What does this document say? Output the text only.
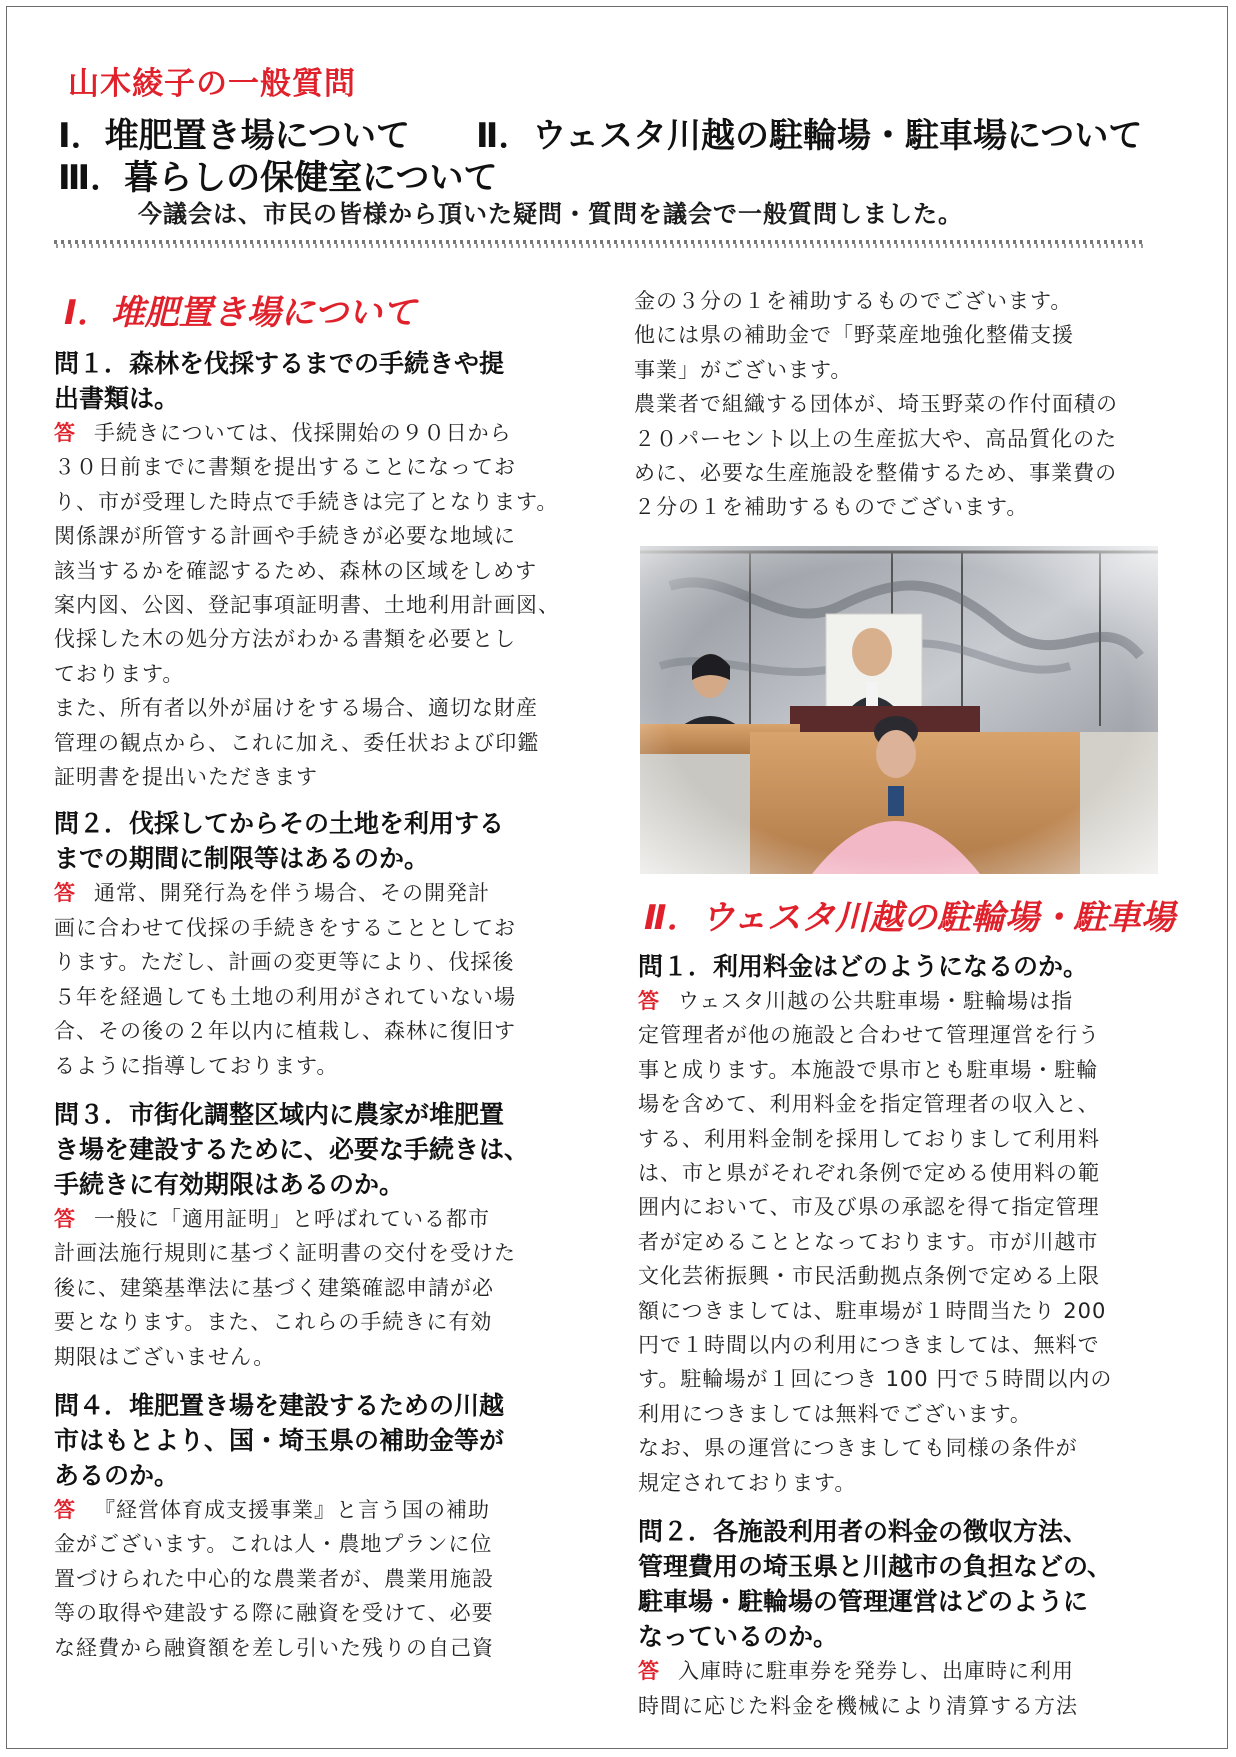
山木綾子の一般質問
Ⅰ．堆肥置き場について Ⅱ．ウェスタ川越の駐輪場・駐車場について
Ⅲ．暮らしの保健室について
今議会は、市民の皆様から頂いた疑問・質問を議会で一般質問しました。
Ⅰ．堆肥置き場について
問１．森林を伐採するまでの手続きや提
出書類は。
答 手続きについては、伐採開始の９０日から
３０日前までに書類を提出することになってお
り、市が受理した時点で手続きは完了となります。
関係課が所管する計画や手続きが必要な地域に
該当するかを確認するため、森林の区域をしめす
案内図、公図、登記事項証明書、土地利用計画図、
伐採した木の処分方法がわかる書類を必要とし
ております。
また、所有者以外が届けをする場合、適切な財産
管理の観点から、これに加え、委任状および印鑑
証明書を提出いただきます
問２．伐採してからその土地を利用する
までの期間に制限等はあるのか。
答 通常、開発行為を伴う場合、その開発計
画に合わせて伐採の手続きをすることとしてお
ります。ただし、計画の変更等により、伐採後
５年を経過しても土地の利用がされていない場
合、その後の２年以内に植栽し、森林に復旧す
るように指導しております。
問３．市街化調整区域内に農家が堆肥置
き場を建設するために、必要な手続きは、
手続きに有効期限はあるのか。
答 一般に「適用証明」と呼ばれている都市
計画法施行規則に基づく証明書の交付を受けた
後に、建築基準法に基づく建築確認申請が必
要となります。また、これらの手続きに有効
期限はございません。
問４．堆肥置き場を建設するための川越
市はもとより、国・埼玉県の補助金等が
あるのか。
答 『経営体育成支援事業』と言う国の補助
金がございます。これは人・農地プランに位
置づけられた中心的な農業者が、農業用施設
等の取得や建設する際に融資を受けて、必要
な経費から融資額を差し引いた残りの自己資
金の３分の１を補助するものでございます。
他には県の補助金で「野菜産地強化整備支援
事業」がございます。
農業者で組織する団体が、埼玉野菜の作付面積の
２０パーセント以上の生産拡大や、高品質化のた
めに、必要な生産施設を整備するため、事業費の
２分の１を補助するものでございます。
Ⅱ．ウェスタ川越の駐輪場・駐車場
問１．利用料金はどのようになるのか。
答 ウェスタ川越の公共駐車場・駐輪場は指
定管理者が他の施設と合わせて管理運営を行う
事と成ります。本施設で県市とも駐車場・駐輪
場を含めて、利用料金を指定管理者の収入と、
する、利用料金制を採用しておりまして利用料
は、市と県がそれぞれ条例で定める使用料の範
囲内において、市及び県の承認を得て指定管理
者が定めることとなっております。市が川越市
文化芸術振興・市民活動拠点条例で定める上限
額につきましては、駐車場が１時間当たり 200
円で１時間以内の利用につきましては、無料で
す。駐輪場が１回につき 100 円で５時間以内の
利用につきましては無料でございます。
なお、県の運営につきましても同様の条件が
規定されております。
問２．各施設利用者の料金の徴収方法、
管理費用の埼玉県と川越市の負担などの、
駐車場・駐輪場の管理運営はどのように
なっているのか。
答 入庫時に駐車券を発券し、出庫時に利用
時間に応じた料金を機械により清算する方法
